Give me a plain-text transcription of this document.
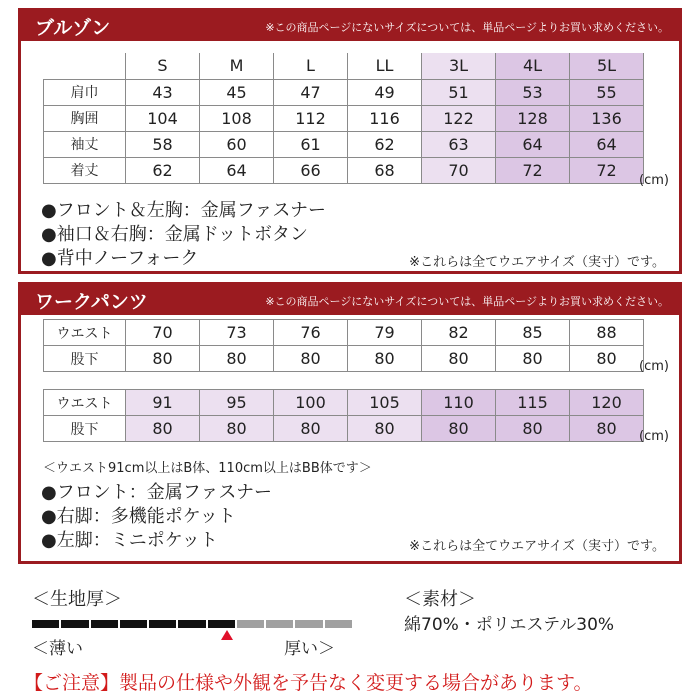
ブルゾン	※この商品ページにないサイズについては、単品ページよりお買い求めください。
	S	M	L	LL	3L	4L	5L
肩巾	43	45	47	49	51	53	55
胸囲	104	108	112	116	122	128	136
袖丈	58	60	61	62	63	64	64
着丈	62	64	66	68	70	72	72
(cm)
●フロント＆左胸：金属ファスナー
●袖口＆右胸：金属ドットボタン
●背中ノーフォーク	※これらは全てウエアサイズ（実寸）です。
ワークパンツ	※この商品ページにないサイズについては、単品ページよりお買い求めください。
ウエスト	70	73	76	79	82	85	88
股下	80	80	80	80	80	80	80 (cm)
ウエスト	91	95	100	105	110	115	120
股下	80	80	80	80	80	80	80 (cm)
＜ウエスト91cm以上はB体、110cm以上はBB体です＞
●フロント：金属ファスナー
●右脚：多機能ポケット
●左脚：ミニポケット	※これらは全てウエアサイズ（実寸）です。
＜生地厚＞
＜薄い	厚い＞
＜素材＞
綿70%・ポリエステル30%
【ご注意】製品の仕様や外観を予告なく変更する場合があります。
